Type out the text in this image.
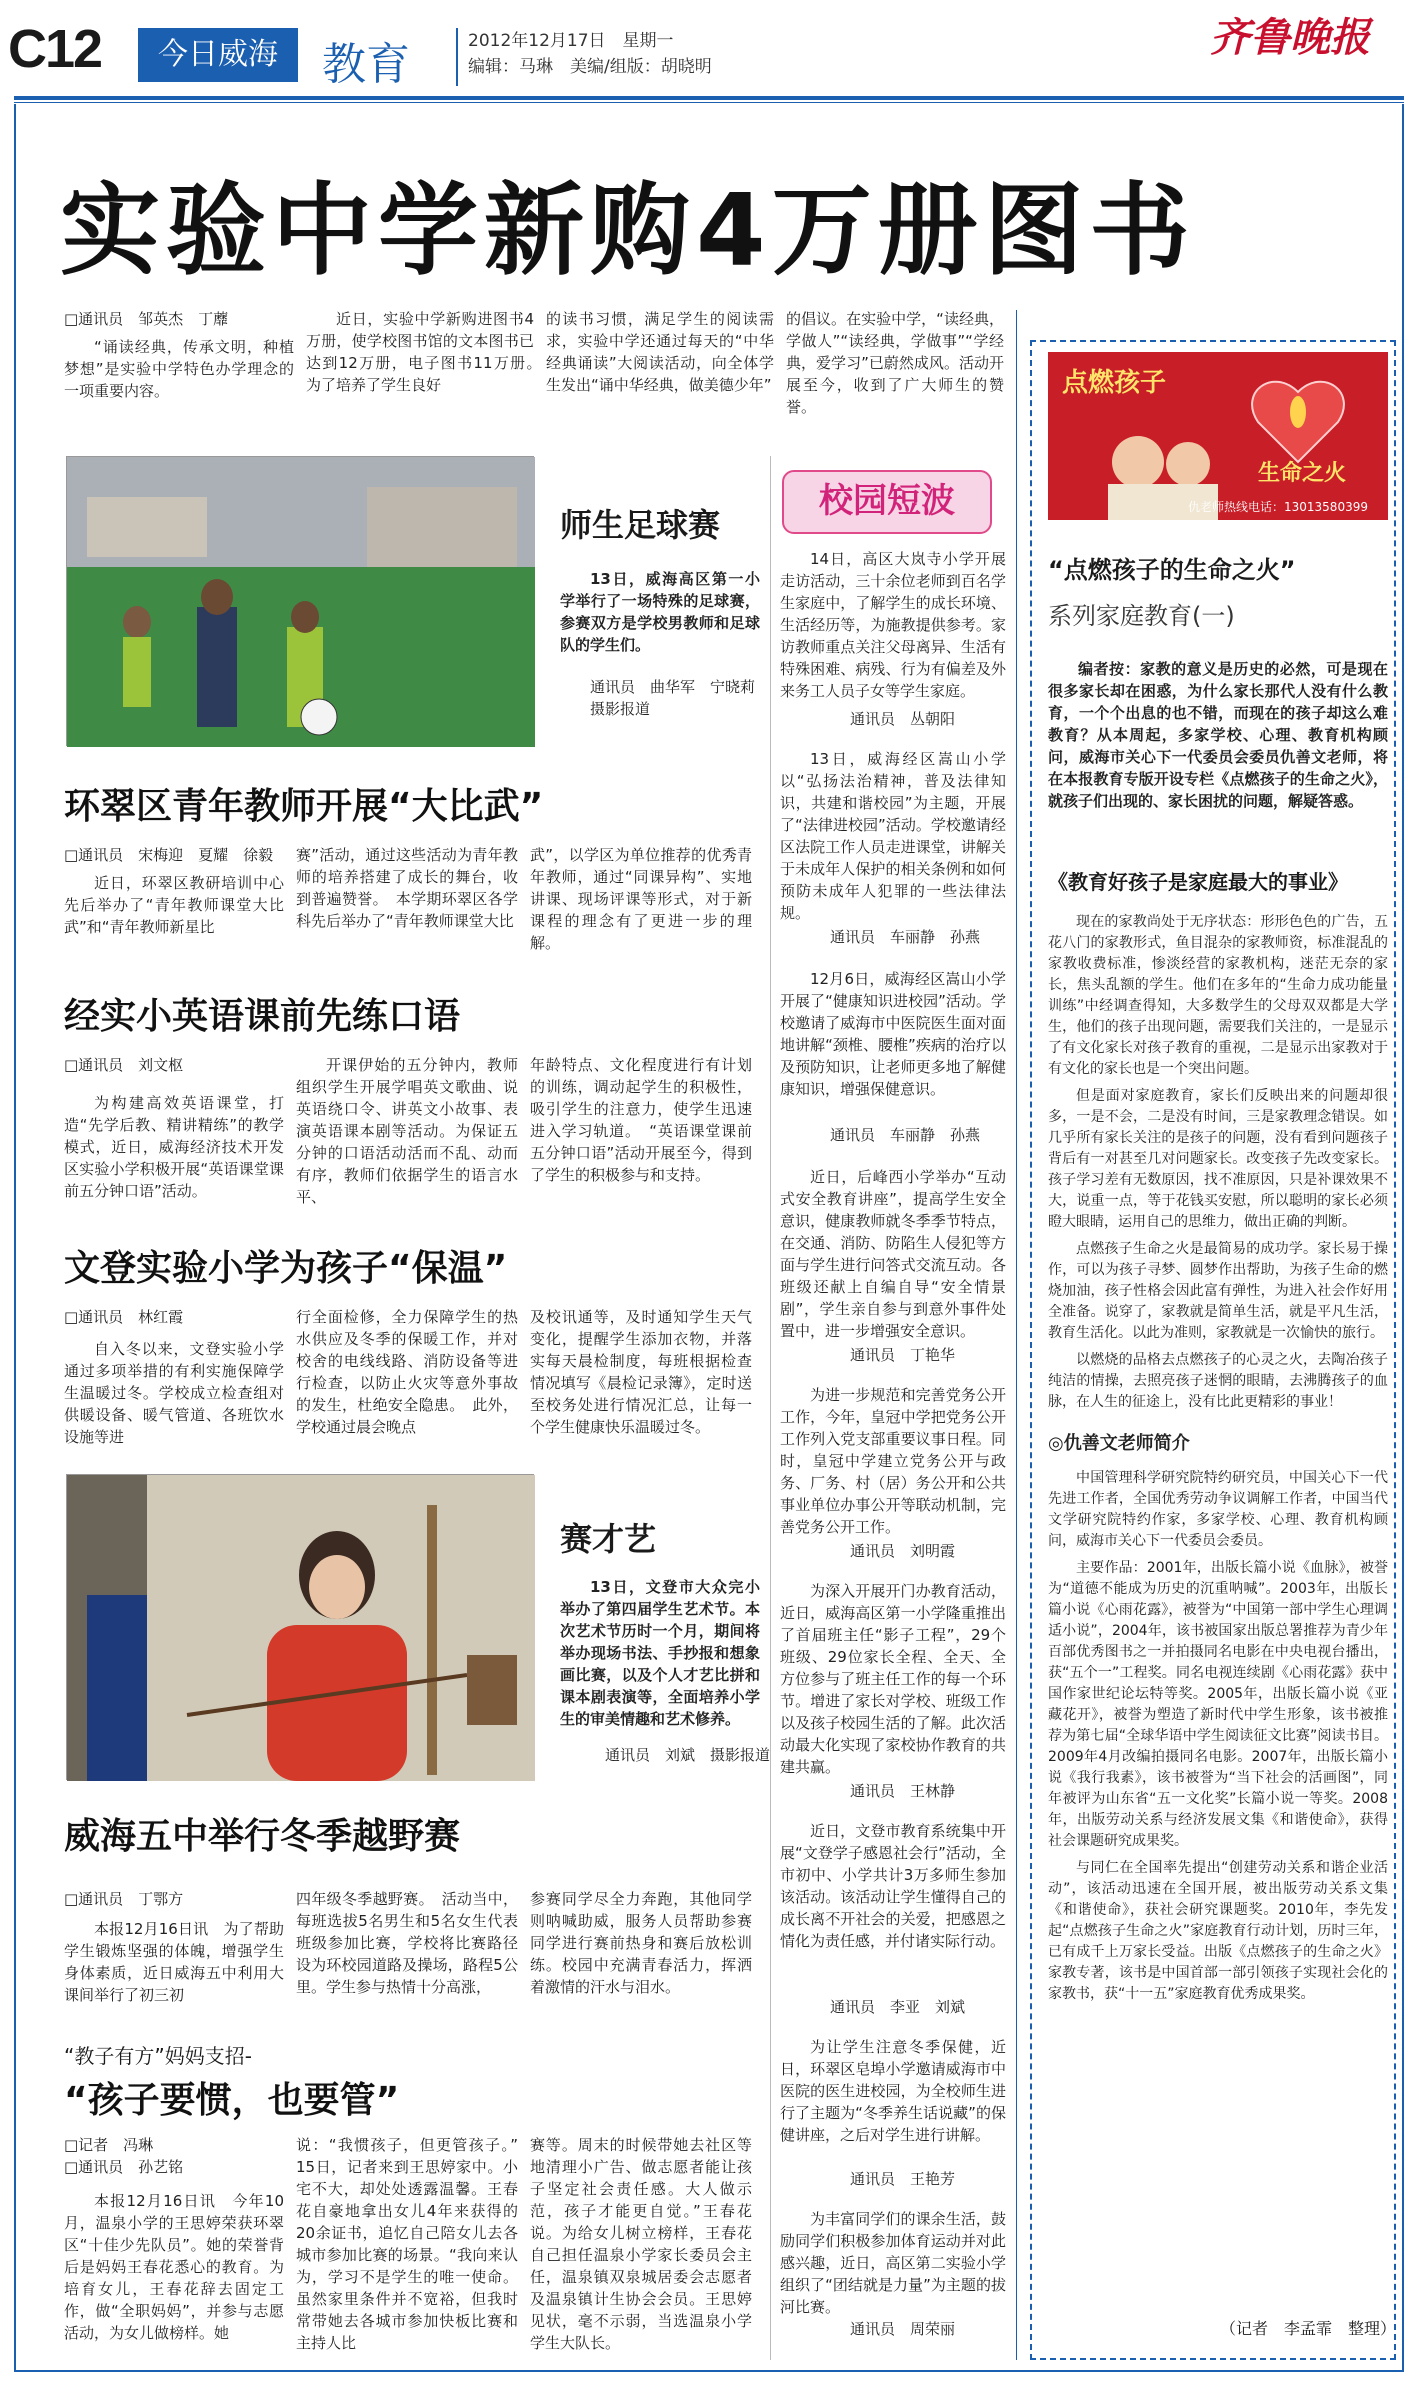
C12	今日威海	教育	2012年12月17日　星期一
编辑：马琳　美编/组版：胡晓明
齐鲁晚报
实验中学新购4万册图书
□通讯员　邹英杰　丁蘼
“诵读经典，传承文明，种植梦想”是实验中学特色办学理念的一项重要内容。
近日，实验中学新购进图书4万册，使学校图书馆的文本图书已达到12万册，电子图书11万册。　为了培养了学生良好
的读书习惯，满足学生的阅读需求，实验中学还通过每天的“中华经典诵读”大阅读活动，向全体学生发出“诵中华经典，做美德少年”
的倡议。在实验中学，“读经典，学做人”“读经典，学做事”“学经典，爱学习”已蔚然成风。活动开展至今，收到了广大师生的赞誉。
师生足球赛
13日，威海高区第一小学举行了一场特殊的足球赛，参赛双方是学校男教师和足球队的学生们。
通讯员　曲华军　宁晓莉　摄影报道
校园短波
14日，高区大岚寺小学开展走访活动，三十余位老师到百名学生家庭中，了解学生的成长环境、生活经历等，为施教提供参考。家访教师重点关注父母离异、生活有特殊困难、病残、行为有偏差及外来务工人员子女等学生家庭。
通讯员　丛朝阳
13日，威海经区嵩山小学以“弘扬法治精神，普及法律知识，共建和谐校园”为主题，开展了“法律进校园”活动。学校邀请经区法院工作人员走进课堂，讲解关于未成年人保护的相关条例和如何预防未成年人犯罪的一些法律法规。
通讯员　车丽静　孙燕
12月6日，威海经区嵩山小学开展了“健康知识进校园”活动。学校邀请了威海市中医院医生面对面地讲解“颈椎、腰椎”疾病的治疗以及预防知识，让老师更多地了解健康知识，增强保健意识。
通讯员　车丽静　孙燕
近日，后峰西小学举办“互动式安全教育讲座”，提高学生安全意识，健康教师就冬季季节特点，在交通、消防、防陷生人侵犯等方面与学生进行问答式交流互动。各班级还献上自编自导“安全情景剧”，学生亲自参与到意外事件处置中，进一步增强安全意识。
通讯员　丁艳华
为进一步规范和完善党务公开工作，今年，皇冠中学把党务公开工作列入党支部重要议事日程。同时，皇冠中学建立党务公开与政务、厂务、村（居）务公开和公共事业单位办事公开等联动机制，完善党务公开工作。
通讯员　刘明霞
为深入开展开门办教育活动，近日，威海高区第一小学隆重推出了首届班主任“影子工程”，29个班级、29位家长全程、全天、全方位参与了班主任工作的每一个环节。增进了家长对学校、班级工作以及孩子校园生活的了解。此次活动最大化实现了家校协作教育的共建共赢。
通讯员　王林静
近日，文登市教育系统集中开展“文登学子感恩社会行”活动，全市初中、小学共计3万多师生参加该活动。该活动让学生懂得自己的成长离不开社会的关爱，把感恩之情化为责任感，并付诸实际行动。
通讯员　李亚　刘斌
为让学生注意冬季保健，近日，环翠区皂埠小学邀请威海市中医院的医生进校园，为全校师生进行了主题为“冬季养生话说藏”的保健讲座，之后对学生进行讲解。
通讯员　王艳芳
为丰富同学们的课余生活，鼓励同学们积极参加体育运动并对此感兴趣，近日，高区第二实验小学组织了“团结就是力量”为主题的拔河比赛。
通讯员　周荣丽
环翠区青年教师开展“大比武”
□通讯员　宋梅迎　夏耀　徐毅
近日，环翠区教研培训中心先后举办了“青年教师课堂大比武”和“青年教师新星比
赛”活动，通过这些活动为青年教师的培养搭建了成长的舞台，收到普遍赞誉。　本学期环翠区各学科先后举办了“青年教师课堂大比
武”，以学区为单位推荐的优秀青年教师，通过“同课异构”、实地讲课、现场评课等形式，对于新课程的理念有了更进一步的理解。
经实小英语课前先练口语
□通讯员　刘文枢
为构建高效英语课堂，打造“先学后教、精讲精练”的教学模式，近日，威海经济技术开发区实验小学积极开展“英语课堂课前五分钟口语”活动。
开课伊始的五分钟内，教师组织学生开展学唱英文歌曲、说英语绕口令、讲英文小故事、表演英语课本剧等活动。为保证五分钟的口语活动活而不乱、动而有序，教师们依据学生的语言水平、
年龄特点、文化程度进行有计划的训练，调动起学生的积极性，吸引学生的注意力，使学生迅速进入学习轨道。　“英语课堂课前五分钟口语”活动开展至今，得到了学生的积极参与和支持。
文登实验小学为孩子“保温”
□通讯员　林红霞
自入冬以来，文登实验小学通过多项举措的有利实施保障学生温暖过冬。学校成立检查组对供暖设备、暖气管道、各班饮水设施等进
行全面检修，全力保障学生的热水供应及冬季的保暖工作，并对校舍的电线线路、消防设备等进行检查，以防止火灾等意外事故的发生，杜绝安全隐患。　此外，学校通过晨会晚点
及校讯通等，及时通知学生天气变化，提醒学生添加衣物，并落实每天晨检制度，每班根据检查情况填写《晨检记录簿》，定时送至校务处进行情况汇总，让每一个学生健康快乐温暖过冬。
赛才艺
13日，文登市大众完小举办了第四届学生艺术节。本次艺术节历时一个月，期间将举办现场书法、手抄报和想象画比赛，以及个人才艺比拼和课本剧表演等，全面培养小学生的审美情趣和艺术修养。
通讯员　刘斌　摄影报道
威海五中举行冬季越野赛
□通讯员　丁鄂方
本报12月16日讯　为了帮助学生锻炼坚强的体魄，增强学生身体素质，近日威海五中利用大课间举行了初三初
四年级冬季越野赛。　活动当中，每班选拔5名男生和5名女生代表班级参加比赛，学校将比赛路径设为环校园道路及操场，路程5公里。学生参与热情十分高涨，
参赛同学尽全力奔跑，其他同学则呐喊助威，服务人员帮助参赛同学进行赛前热身和赛后放松训练。校园中充满青春活力，挥洒着激情的汗水与泪水。
“教子有方”妈妈支招-
“孩子要惯，也要管”
□记者　冯琳
□通讯员　孙艺铭
本报12月16日讯　今年10月，温泉小学的王思婷荣获环翠区“十佳少先队员”。她的荣誉背后是妈妈王春花悉心的教育。为培育女儿，王春花辞去固定工作，做“全职妈妈”，并参与志愿活动，为女儿做榜样。她
说：“我惯孩子，但更管孩子。”　15日，记者来到王思婷家中。小宅不大，却处处透露温馨。王春花自豪地拿出女儿4年来获得的20余证书，追忆自己陪女儿去各城市参加比赛的场景。“我向来认为，学习不是学生的唯一使命。虽然家里条件并不宽裕，但我时常带她去各城市参加快板比赛和主持人比
赛等。周末的时候带她去社区等地清理小广告、做志愿者能让孩子坚定社会责任感。大人做示范，孩子才能更自觉。”王春花说。为给女儿树立榜样，王春花自己担任温泉小学家长委员会主任，温泉镇双泉城居委会志愿者及温泉镇计生协会会员。王思婷见状，毫不示弱，当选温泉小学学生大队长。
点燃孩子
生命之火
仇老师热线电话：13013580399
“点燃孩子的生命之火”
系列家庭教育(一)
编者按：家教的意义是历史的必然，可是现在很多家长却在困惑，为什么家长那代人没有什么教育，一个个出息的也不错，而现在的孩子却这么难教育？从本周起，多家学校、心理、教育机构顾问，威海市关心下一代委员会委员仇善文老师，将在本报教育专版开设专栏《点燃孩子的生命之火》，就孩子们出现的、家长困扰的问题，解疑答惑。
《教育好孩子是家庭最大的事业》

现在的家教尚处于无序状态：形形色色的广告，五花八门的家教形式，鱼目混杂的家教师资，标准混乱的家教收费标准，惨淡经营的家教机构，迷茫无奈的家长，焦头乱额的学生。他们在多年的“生命力成功能量训练”中经调查得知，大多数学生的父母双双都是大学生，他们的孩子出现问题，需要我们关注的，一是显示了有文化家长对孩子教育的重视，二是显示出家教对于有文化的家长也是一个突出问题。

但是面对家庭教育，家长们反映出来的问题却很多，一是不会，二是没有时间，三是家教理念错误。如几乎所有家长关注的是孩子的问题，没有看到问题孩子背后有一对甚至几对问题家长。改变孩子先改变家长。孩子学习差有无数原因，找不准原因，只是补课效果不大，说重一点，等于花钱买安慰，所以聪明的家长必须瞪大眼睛，运用自己的思维力，做出正确的判断。

点燃孩子生命之火是最简易的成功学。家长易于操作，可以为孩子寻梦、圆梦作出帮助，为孩子生命的燃烧加油，孩子性格会因此富有弹性，为进入社会作好用全准备。说穿了，家教就是简单生活，就是平凡生活，教育生活化。以此为准则，家教就是一次愉快的旅行。

以燃烧的品格去点燃孩子的心灵之火，去陶冶孩子纯洁的情操，去照亮孩子迷惘的眼睛，去沸腾孩子的血脉，在人生的征途上，没有比此更精彩的事业！

◎仇善文老师简介

中国管理科学研究院特约研究员，中国关心下一代先进工作者，全国优秀劳动争议调解工作者，中国当代文学研究院特约作家，多家学校、心理、教育机构顾问，威海市关心下一代委员会委员。

主要作品：2001年，出版长篇小说《血脉》，被誉为“道德不能成为历史的沉重呐喊”。2003年，出版长篇小说《心雨花露》，被誉为“中国第一部中学生心理调适小说”，2004年，该书被国家出版总署推荐为青少年百部优秀图书之一并拍摄同名电影在中央电视台播出，获“五个一”工程奖。同名电视连续剧《心雨花露》获中国作家世纪论坛特等奖。2005年，出版长篇小说《亚藏花开》，被誉为塑造了新时代中学生形象，该书被推荐为第七届“全球华语中学生阅读征文比赛”阅读书目。2009年4月改编拍摄同名电影。2007年，出版长篇小说《我行我素》，该书被誉为“当下社会的活画图”，同年被评为山东省“五一文化奖”长篇小说一等奖。2008年，出版劳动关系与经济发展文集《和谐使命》，获得社会课题研究成果奖。

与同仁在全国率先提出“创建劳动关系和谐企业活动”，该活动迅速在全国开展，被出版劳动关系文集《和谐使命》，获社会研究课题奖。2010年，李先发起“点燃孩子生命之火”家庭教育行动计划，历时三年，已有成千上万家长受益。出版《点燃孩子的生命之火》家教专著，该书是中国首部一部引领孩子实现社会化的家教书，获“十一五”家庭教育优秀成果奖。

（记者　李孟霏　整理）
